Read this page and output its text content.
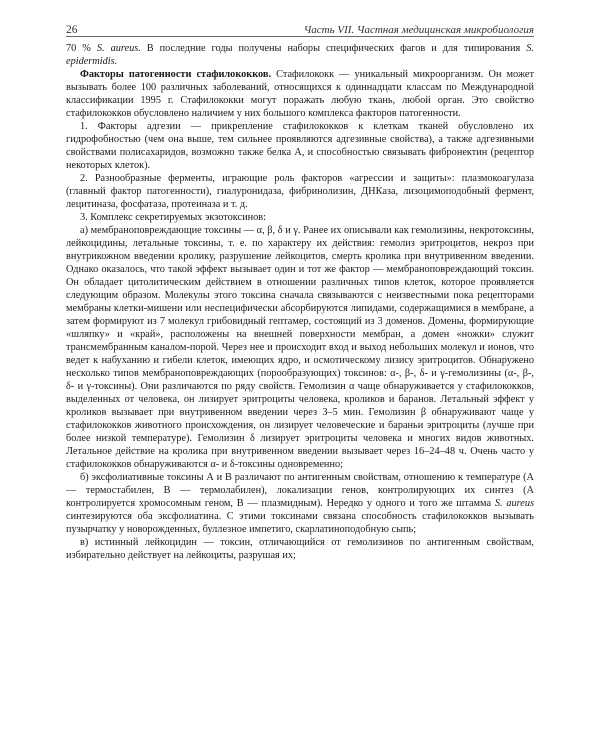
26	Часть VII. Частная медицинская микробиология

70 % S. aureus. В последние годы получены наборы специфических фагов и для типирования S. epidermidis.

Факторы патогенности стафилококков. Стафилококк — уникальный микроорганизм. Он может вызывать более 100 различных заболеваний, относящихся к одиннадцати классам по Международной классификации 1995 г. Стафилококки могут поражать любую ткань, любой орган. Это свойство стафилококков обусловлено наличием у них большого комплекса факторов патогенности.

1. Факторы адгезии — прикрепление стафилококков к клеткам тканей обусловлено их гидрофобностью (чем она выше, тем сильнее проявляются адгезивные свойства), а также адгезивными свойствами полисахаридов, возможно также белка А, и способностью связывать фибронектин (рецептор некоторых клеток).

2. Разнообразные ферменты, играющие роль факторов «агрессии и защиты»: плазмокоагулаза (главный фактор патогенности), гиалуронидаза, фибринолизин, ДНКаза, лизоцимоподобный фермент, лецитиназа, фосфатаза, протеиназа и т. д.

3. Комплекс секретируемых экзотоксинов:

а) мембраноповреждающие токсины — α, β, δ и γ. Ранее их описывали как гемолизины, некротоксины, лейкоцидины, летальные токсины, т. е. по характеру их действия: гемолиз эритроцитов, некроз при внутрикожном введении кролику, разрушение лейкоцитов, смерть кролика при внутривенном введении. Однако оказалось, что такой эффект вызывает один и тот же фактор — мембраноповреждающий токсин. Он обладает цитолитическим действием в отношении различных типов клеток, которое проявляется следующим образом. Молекулы этого токсина сначала связываются с неизвестными пока рецепторами мембраны клетки-мишени или неспецифически абсорбируются липидами, содержащимися в мембране, а затем формируют из 7 молекул грибовидный гептамер, состоящий из 3 доменов. Домены, формирующие «шляпку» и «край», расположены на внешней поверхности мембран, а домен «ножки» служит трансмембранным каналом-порой. Через нее и происходит вход и выход небольших молекул и ионов, что ведет к набуханию и гибели клеток, имеющих ядро, и осмотическому лизису эритроцитов. Обнаружено несколько типов мембраноповреждающих (порообразующих) токсинов: α-, β-, δ- и γ-гемолизины (α-, β-, δ- и γ-токсины). Они различаются по ряду свойств. Гемолизин α чаще обнаруживается у стафилококков, выделенных от человека, он лизирует эритроциты человека, кроликов и баранов. Летальный эффект у кроликов вызывает при внутривенном введении через 3–5 мин. Гемолизин β обнаруживают чаще у стафилококков животного происхождения, он лизирует человеческие и бараньи эритроциты (лучше при более низкой температуре). Гемолизин δ лизирует эритроциты человека и многих видов животных. Летальное действие на кролика при внутривенном введении вызывает через 16–24–48 ч. Очень часто у стафилококков обнаруживаются α- и δ-токсины одновременно;

б) эксфолиативные токсины А и В различают по антигенным свойствам, отношению к температуре (А — термостабилен, В — термолабилен), локализации генов, контролирующих их синтез (А контролируется хромосомным геном, В — плазмидным). Нередко у одного и того же штамма S. aureus синтезируются оба эксфолиатина. С этими токсинами связана способность стафилококков вызывать пузырчатку у новорожденных, буллезное импетиго, скарлатиноподобную сыпь;

в) истинный лейкоцидин — токсин, отличающийся от гемолизинов по антигенным свойствам, избирательно действует на лейкоциты, разрушая их;
